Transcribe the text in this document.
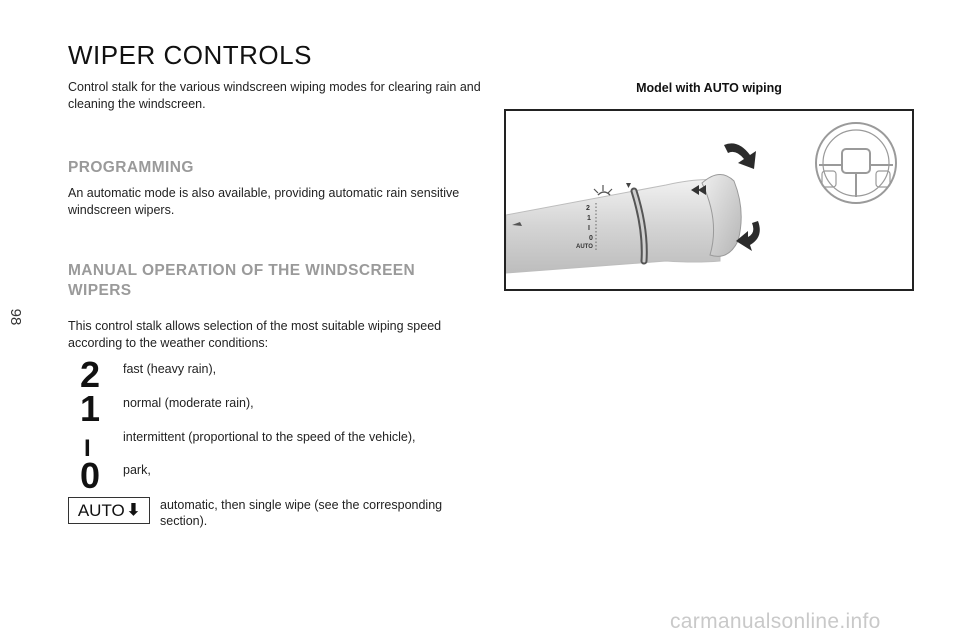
98
WIPER CONTROLS

Control stalk for the various windscreen wiping modes for clearing rain and cleaning the windscreen.

PROGRAMMING

An automatic mode is also available, providing automatic rain sensitive windscreen wipers.

MANUAL OPERATION OF THE WINDSCREEN WIPERS

This control stalk allows selection of the most suitable wiping speed according to the weather conditions:

2	fast (heavy rain),
1	normal (moderate rain),
I	intermittent (proportional to the speed of the vehicle),
0	park,
AUTO ⬇ automatic, then single wipe (see the corresponding section).
Model with AUTO wiping
2
1
I
0
AUTO
carmanualsonline.info
